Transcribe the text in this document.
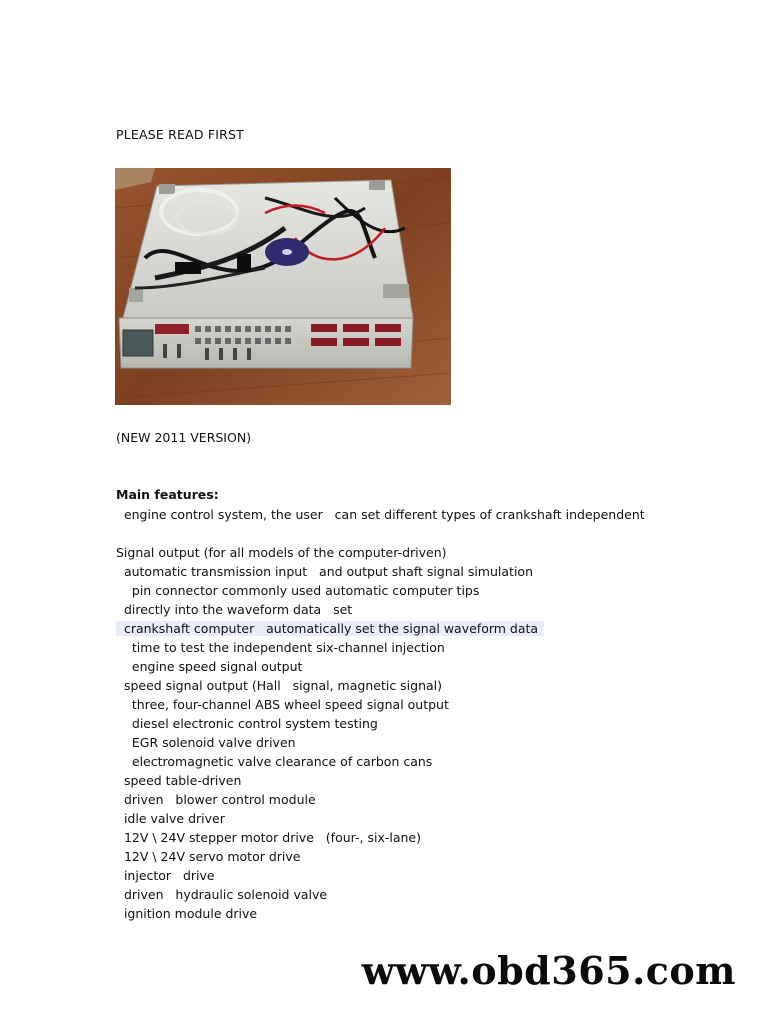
PLEASE READ FIRST
(NEW 2011 VERSION)
Main features:
engine control system, the user   can set different types of crankshaft independent
Signal output (for all models of the computer-driven)
automatic transmission input   and output shaft signal simulation
pin connector commonly used automatic computer tips
directly into the waveform data   set
crankshaft computer   automatically set the signal waveform data
time to test the independent six-channel injection
engine speed signal output
speed signal output (Hall   signal, magnetic signal)
three, four-channel ABS wheel speed signal output
diesel electronic control system testing
EGR solenoid valve driven
electromagnetic valve clearance of carbon cans
speed table-driven
driven   blower control module
idle valve driver
12V \ 24V stepper motor drive   (four-, six-lane)
12V \ 24V servo motor drive
injector   drive
driven   hydraulic solenoid valve
ignition module drive
www.obd365.com
